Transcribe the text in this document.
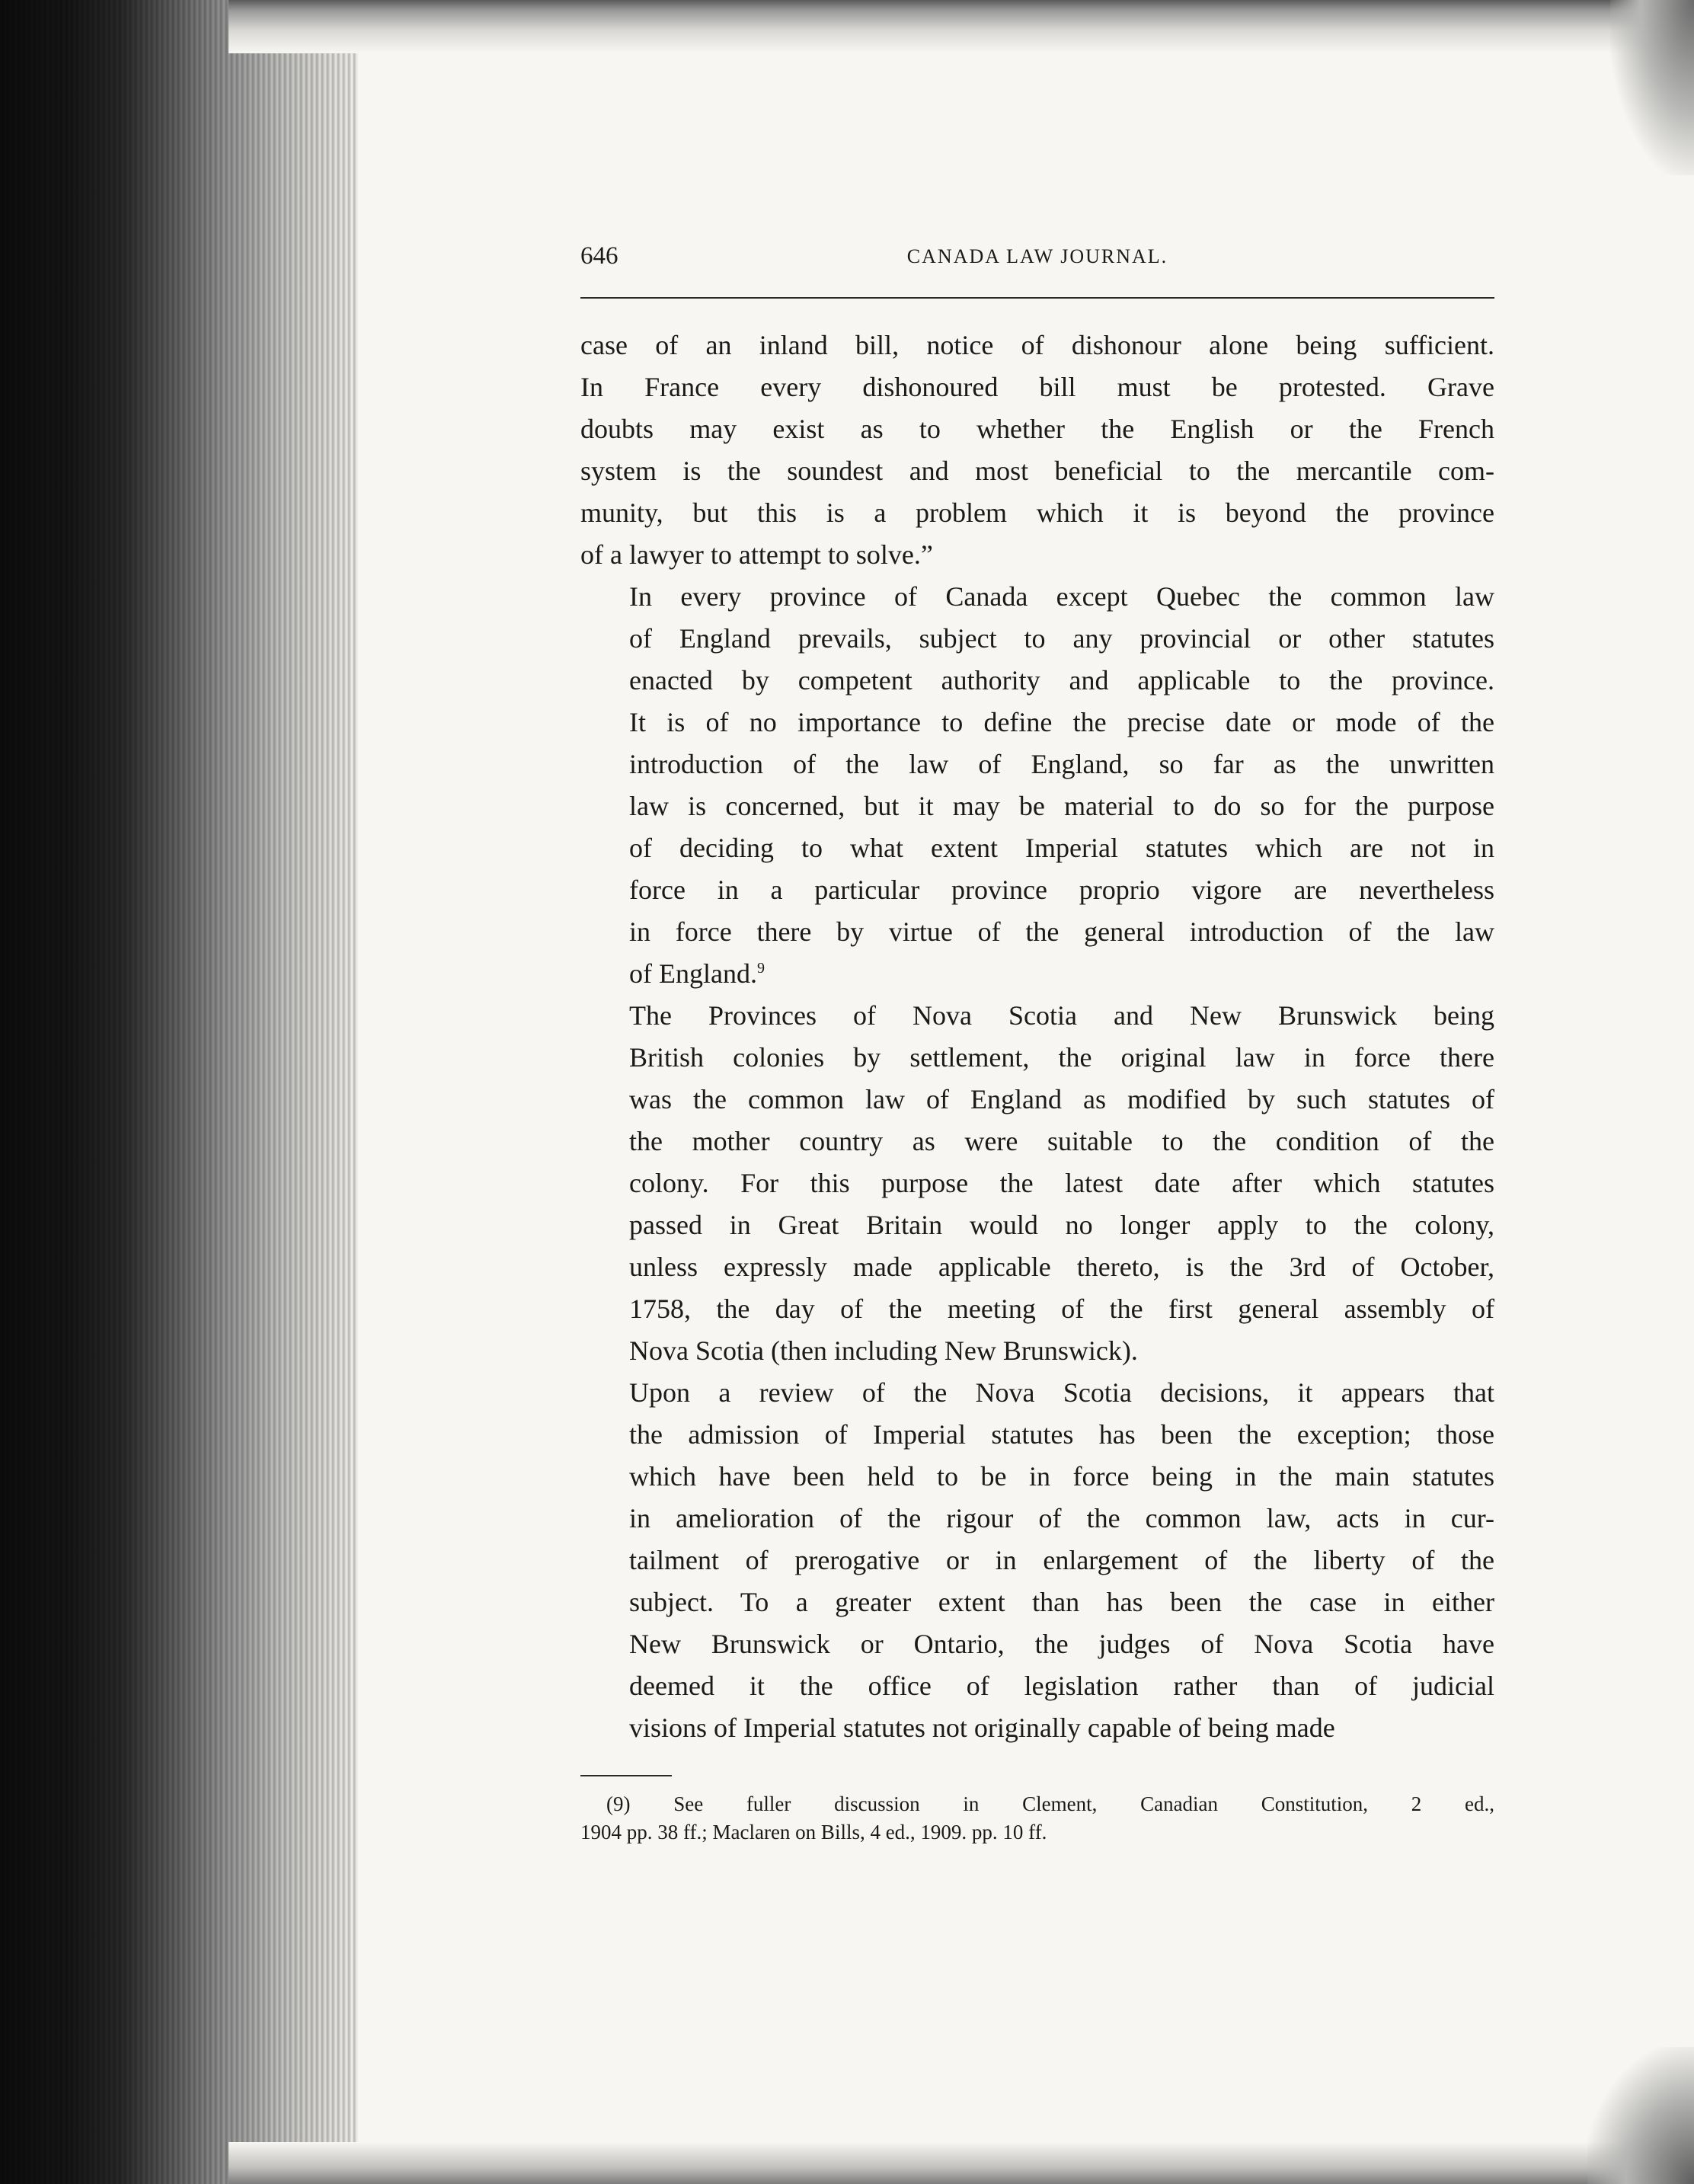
646	CANADA LAW JOURNAL.

case of an inland bill, notice of dishonour alone being sufficient.
In France every dishonoured bill must be protested. Grave
doubts may exist as to whether the English or the French
system is the soundest and most beneficial to the mercantile com-
munity, but this is a problem which it is beyond the province
of a lawyer to attempt to solve.”

In every province of Canada except Quebec the common law
of England prevails, subject to any provincial or other statutes
enacted by competent authority and applicable to the province.
It is of no importance to define the precise date or mode of the
introduction of the law of England, so far as the unwritten
law is concerned, but it may be material to do so for the purpose
of deciding to what extent Imperial statutes which are not in
force in a particular province proprio vigore are nevertheless
in force there by virtue of the general introduction of the law
of England.$^9$

The Provinces of Nova Scotia and New Brunswick being
British colonies by settlement, the original law in force there
was the common law of England as modified by such statutes of
the mother country as were suitable to the condition of the
colony. For this purpose the latest date after which statutes
passed in Great Britain would no longer apply to the colony,
unless expressly made applicable thereto, is the 3rd of October,
1758, the day of the meeting of the first general assembly of
Nova Scotia (then including New Brunswick).

Upon a review of the Nova Scotia decisions, it appears that
the admission of Imperial statutes has been the exception; those
which have been held to be in force being in the main statutes
in amelioration of the rigour of the common law, acts in cur-
tailment of prerogative or in enlargement of the liberty of the
subject. To a greater extent than has been the case in either
New Brunswick or Ontario, the judges of Nova Scotia have
deemed it the office of legislation rather than of judicial
visions of Imperial statutes not originally capable of being made

(9) See fuller discussion in Clement, Canadian Constitution, 2 ed.,
1904 pp. 38 ff.; Maclaren on Bills, 4 ed., 1909. pp. 10 ff.
